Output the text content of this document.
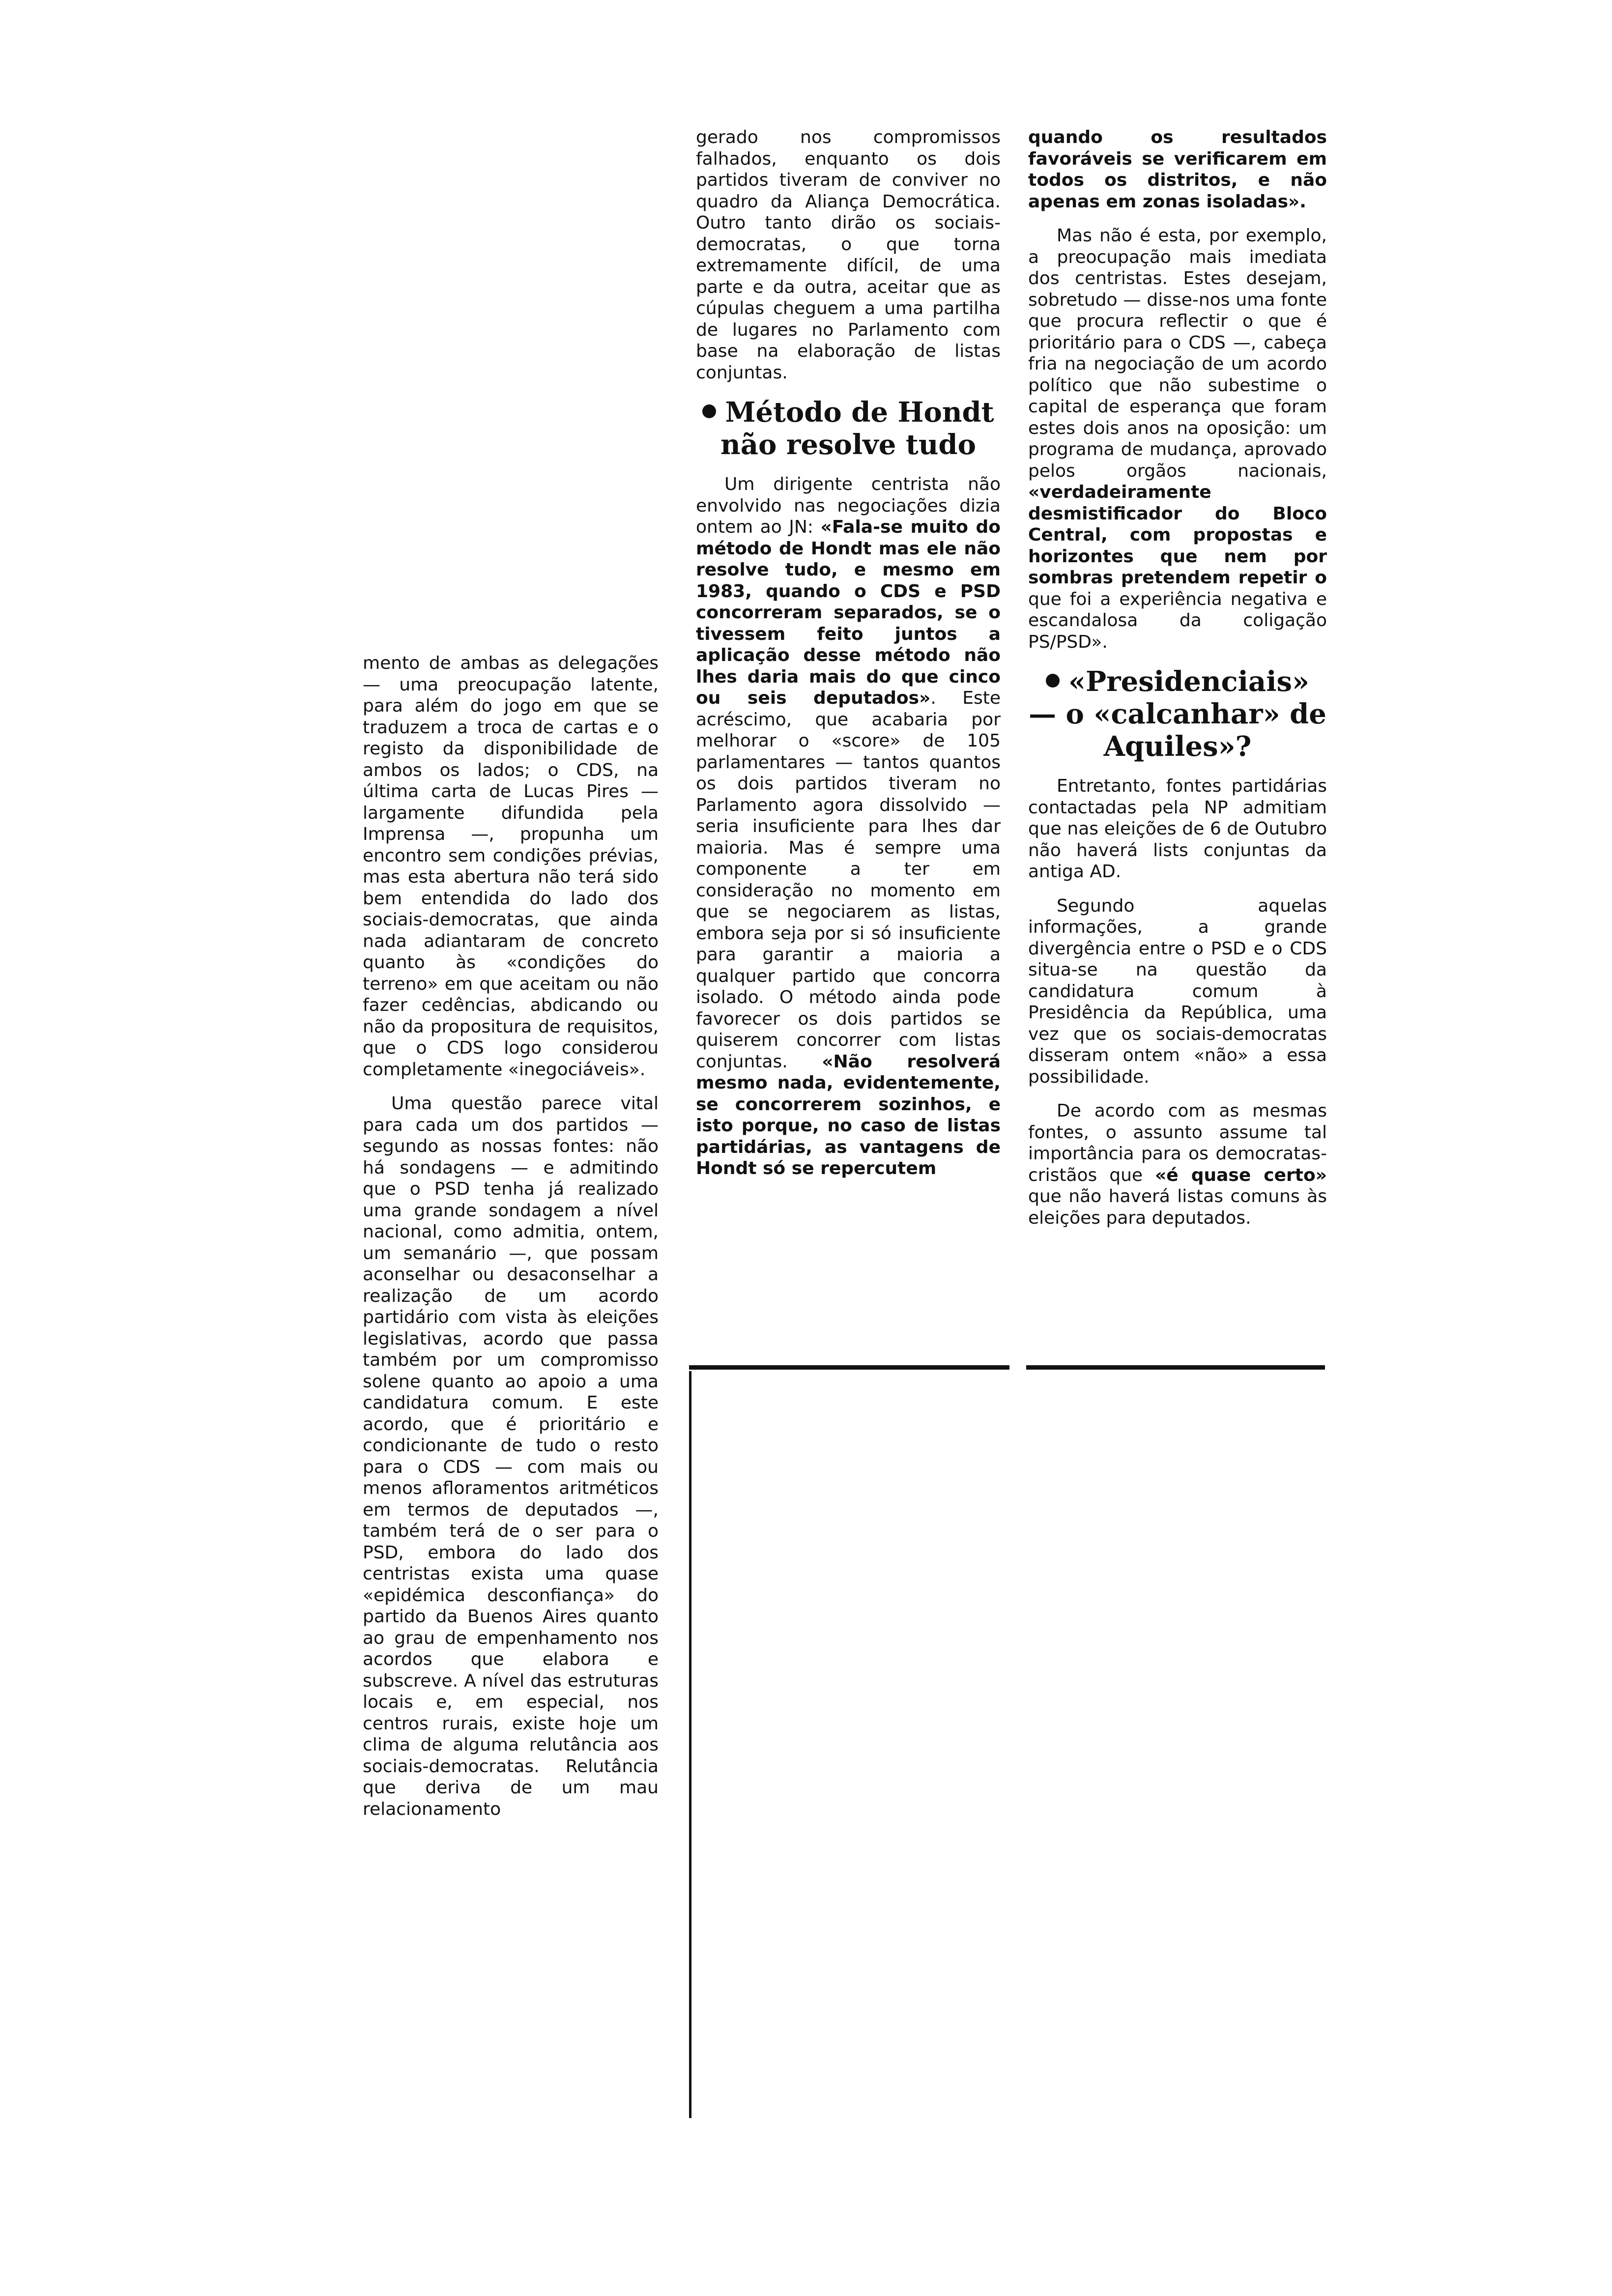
mento de ambas as delegações — uma preocupação latente, para além do jogo em que se traduzem a troca de cartas e o registo da disponibilidade de ambos os lados; o CDS, na última carta de Lucas Pires — largamente difundida pela Imprensa —, propunha um encontro sem condições prévias, mas esta abertura não terá sido bem entendida do lado dos sociais-democratas, que ainda nada adiantaram de concreto quanto às «condições do terreno» em que aceitam ou não fazer cedências, abdicando ou não da propositura de requisitos, que o CDS logo considerou completamente «inegociáveis».

Uma questão parece vital para cada um dos partidos — segundo as nossas fontes: não há sondagens — e admitindo que o PSD tenha já realizado uma grande sondagem a nível nacional, como admitia, ontem, um semanário —, que possam aconselhar ou desaconselhar a realização de um acordo partidário com vista às eleições legislativas, acordo que passa também por um compromisso solene quanto ao apoio a uma candidatura comum. E este acordo, que é prioritário e condicionante de tudo o resto para o CDS — com mais ou menos afloramentos aritméticos em termos de deputados —, também terá de o ser para o PSD, embora do lado dos centristas exista uma quase «epidémica desconfiança» do partido da Buenos Aires quanto ao grau de empenhamento nos acordos que elabora e subscreve. A nível das estruturas locais e, em especial, nos centros rurais, existe hoje um clima de alguma relutância aos sociais-democratas. Relutância que deriva de um mau relacionamento

gerado nos compromissos falhados, enquanto os dois partidos tiveram de conviver no quadro da Aliança Democrática. Outro tanto dirão os sociais-democratas, o que torna extremamente difícil, de uma parte e da outra, aceitar que as cúpulas cheguem a uma partilha de lugares no Parlamento com base na elaboração de listas conjuntas.

Método de Hondt não resolve tudo

Um dirigente centrista não envolvido nas negociações dizia ontem ao JN: «Fala-se muito do método de Hondt mas ele não resolve tudo, e mesmo em 1983, quando o CDS e PSD concorreram separados, se o tivessem feito juntos a aplicação desse método não lhes daria mais do que cinco ou seis deputados». Este acréscimo, que acabaria por melhorar o «score» de 105 parlamentares — tantos quantos os dois partidos tiveram no Parlamento agora dissolvido — seria insuficiente para lhes dar maioria. Mas é sempre uma componente a ter em consideração no momento em que se negociarem as listas, embora seja por si só insuficiente para garantir a maioria a qualquer partido que concorra isolado. O método ainda pode favorecer os dois partidos se quiserem concorrer com listas conjuntas. «Não resolverá mesmo nada, evidentemente, se concorrerem sozinhos, e isto porque, no caso de listas partidárias, as vantagens de Hondt só se repercutem

quando os resultados favoráveis se verificarem em todos os distritos, e não apenas em zonas isoladas».

Mas não é esta, por exemplo, a preocupação mais imediata dos centristas. Estes desejam, sobretudo — disse-nos uma fonte que procura reflectir o que é prioritário para o CDS —, cabeça fria na negociação de um acordo político que não subestime o capital de esperança que foram estes dois anos na oposição: um programa de mudança, aprovado pelos orgãos nacionais, «verdadeiramente desmistificador do Bloco Central, com propostas e horizontes que nem por sombras pretendem repetir o que foi a experiência negativa e escandalosa da coligação PS/PSD».

«Presidenciais» — o «calcanhar» de Aquiles»?

Entretanto, fontes partidárias contactadas pela NP admitiam que nas eleições de 6 de Outubro não haverá lists conjuntas da antiga AD.

Segundo aquelas informações, a grande divergência entre o PSD e o CDS situa-se na questão da candidatura comum à Presidência da República, uma vez que os sociais-democratas disseram ontem «não» a essa possibilidade.

De acordo com as mesmas fontes, o assunto assume tal importância para os democratas-cristãos que «é quase certo» que não haverá listas comuns às eleições para deputados.
